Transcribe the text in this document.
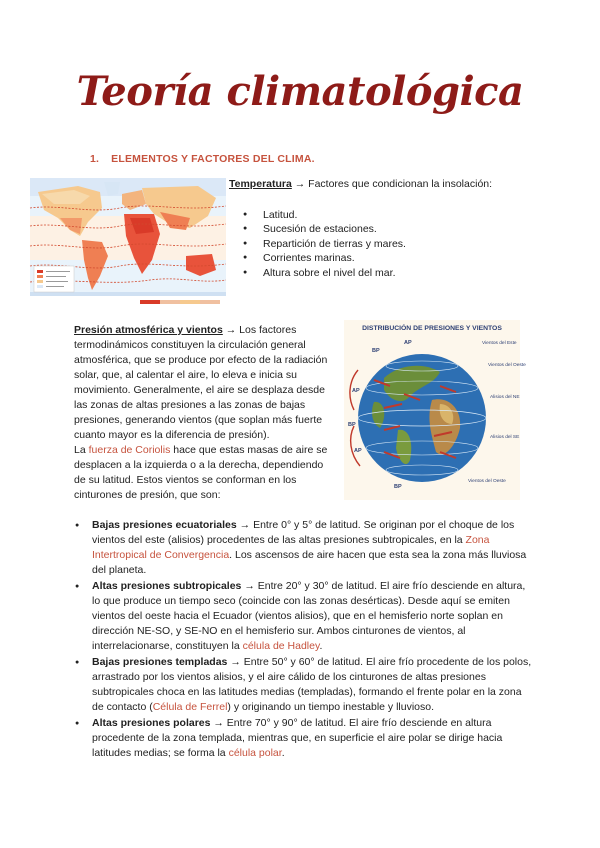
Teoría climatológica
1. ELEMENTOS Y FACTORES DEL CLIMA.

Temperatura → Factores que condicionan la insolación:

● Latitud.
● Sucesión de estaciones.
● Repartición de tierras y mares.
● Corrientes marinas.
● Altura sobre el nivel del mar.

Presión atmosférica y vientos → Los factores termodinámicos constituyen la circulación general atmosférica, que se produce por efecto de la radiación solar, que, al calentar el aire, lo eleva e inicia su movimiento. Generalmente, el aire se desplaza desde las zonas de altas presiones a las zonas de bajas presiones, generando vientos (que soplan más fuerte cuanto mayor es la diferencia de presión).

La fuerza de Coriolis hace que estas masas de aire se desplacen a la izquierda o a la derecha, dependiendo de su latitud. Estos vientos se conforman en los cinturones de presión, que son:

DISTRIBUCIÓN DE PRESIONES Y VIENTOS
AP
BP
Vientos del Este
Vientos del Oeste
Alisios del NE
Alisios del SE
Vientos del Oeste
AP
BP
AP
BP
● Bajas presiones ecuatoriales → Entre 0° y 5° de latitud. Se originan por el choque de los vientos del este (alisios) procedentes de las altas presiones subtropicales, en la Zona Intertropical de Convergencia. Los ascensos de aire hacen que esta sea la zona más lluviosa del planeta.
● Altas presiones subtropicales → Entre 20° y 30° de latitud. El aire frío desciende en altura, lo que produce un tiempo seco (coincide con las zonas desérticas). Desde aquí se emiten vientos del oeste hacia el Ecuador (vientos alisios), que en el hemisferio norte soplan en dirección NE-SO, y SE-NO en el hemisferio sur. Ambos cinturones de vientos, al interrelacionarse, constituyen la célula de Hadley.
● Bajas presiones templadas → Entre 50° y 60° de latitud. El aire frío procedente de los polos, arrastrado por los vientos alisios, y el aire cálido de los cinturones de altas presiones subtropicales choca en las latitudes medias (templadas), formando el frente polar en la zona de contacto (Célula de Ferrel) y originando un tiempo inestable y lluvioso.
● Altas presiones polares → Entre 70° y 90° de latitud. El aire frío desciende en altura procedente de la zona templada, mientras que, en superficie el aire polar se dirige hacia latitudes medias; se forma la célula polar.
